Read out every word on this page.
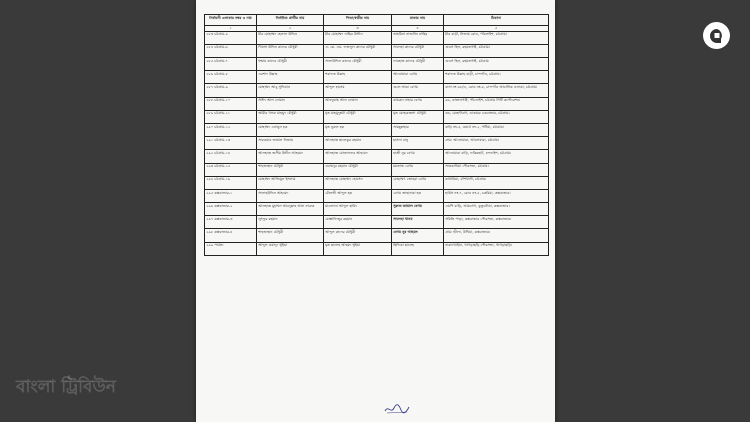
নির্বাচনী এলাকার নম্বর ও নাম	নির্বাচিত প্রার্থীর নাম	পিতা/স্বামীর নাম	মাতার নাম	ঠিকানা
১	২	৩	৪	৫
২৮৩ চট্টগ্রাম-৫	মীর মোহাম্মদ হেলাল উদ্দিন	মীর মোহাম্মদ নাছির উদ্দীন	তাহমিনা নাজনীন নাছির	মীর বাড়ী, নিজাম রোড, পাঁচলাইশ, চট্টগ্রাম।
২৮৪ চট্টগ্রাম-৬	গিয়াস উদ্দিন কাদের চৌধুরী	এ. কে. এম. ফজলুল কাদের চৌধুরী	সালেহা কাদের চৌধুরী	গুডস হিল, রহমতগঞ্জ, চট্টগ্রাম।
২৮৫ চট্টগ্রাম-৭	হুম্মাম কাদের চৌধুরী	সালাউদ্দিন কাদের চৌধুরী	ফারহাত কাদের চৌধুরী	গুডস হিল, রহমতগঞ্জ, চট্টগ্রাম
২৮৬ চট্টগ্রাম-৮	এরশাদ উল্লাহ	শরাফত উল্লাহ	আনোয়ারা বেগম	শরাফত উল্লাহ বাড়ী, চান্দগাঁও, চট্টগ্রাম।
২৮৭ চট্টগ্রাম-৯	মোহাম্মদ আবু সুফিয়ান	আব্দুল হাসেম	গুলে আরা বেগম	বাসা নং ৬৮/এ, রোড নং-৮, চান্দগাঁও আবাসিক এলাকা, চট্টগ্রাম।
২৮৮ চট্টগ্রাম-১০	সাঈদ আল নোমান	আবদুল্লাহ আল নোমান	কামরুন নাহার বেগম	৬৬, কাতালগঞ্জ, পাঁচলাইশ, চট্টগ্রাম সিটি কর্পোরেশন।
২৮৯ চট্টগ্রাম-১১	আমীর খসরু মাহমুদ চৌধুরী	মৃত মাহমুদুন্নবী চৌধুরী	মৃত মেহেরুন্নেসা চৌধুরী	৩৩, মেহেদীবাগ, ডাকঘর: চকবাজার, চট্টগ্রাম।
২৯০ চট্টগ্রাম-১২	মোহাম্মদ এনামুল হক	মৃত নুরুল হক	সামছুন্নাহার	বাড়ি নং-৫, ওয়ার্ড নং-২, পটিয়া, চট্টগ্রাম।
২৯১ চট্টগ্রাম-১৩	সারওয়ার জামাল নিজাম	আলহাজ্ব ছালেকুর রহমান	হাসনা বানু	গ্রাম: আনোয়ারা, আনোয়ারা, চট্টগ্রাম।
২৯২ চট্টগ্রাম-১৪	আলহাজ্ব জসীম উদ্দীন আহমেদ	আলহাজ্ব মোজাফফর আহমেদ	হাজী নুর বেগম	আনোয়ারা বাড়ি, ফকিরহাট, চন্দনাইশ, চট্টগ্রাম।
২৯৩ চট্টগ্রাম-১৫	শাহজাহান চৌধুরী	ওবায়দুর রহমান চৌধুরী	মমতাজ বেগম	সাতকানিয়া পৌরসভা, চট্টগ্রাম।
২৯৪ চট্টগ্রাম-১৬	মোহাম্মদ আজিমুল ইসলাম	আলহাজ্ব মোহাম্মদ হোসেন	মোছাম্মৎ জোহরা বেগম	কাথারিয়া, বাঁশখালী, চট্টগ্রাম।
২৯৫ কক্সবাজার-১	সালাহউদ্দিন আহমেদ	মৌলভী আব্দুল হক	বেগম জাহানারা হক	হাউস নং-৭, রোড নং-৫, চকরিয়া, কক্সবাজার।
২৯৬ কক্সবাজার-২	আলহাজ্ব মুহাম্মদ আবদুল্লাহ আল ফারুক	মাওলানা আব্দুল হামিদ	সুরুজ জামাল বেগম	এমপি বাড়ি, আমবাগা, কুতুবদিয়া, কক্সবাজার।
২৯৭ কক্সবাজার-৩	লুৎফুর রহমান	মোস্তাফিজুর রহমান	সালেহা খানম	সমিতি পাড়া, কক্সবাজার পৌরসভা, কক্সবাজার।
২৯৮ কক্সবাজার-৪	শাহজাহান চৌধুরী	আব্দুল কাদের চৌধুরী	বেগম নুর আহমদ	গ্রাম: হ্নীলা, উখিয়া, কক্সবাজার।
২৯৯ পার্বত্য	আব্দুল ওয়াদুদ ভূঁইয়া	মৃত ছালেহ আহমদ ভূঁইয়া	ছিদ্দিকা ছালেহ	নারানখাইয়া, খাগড়াছড়ি পৌরসভা, খাগড়াছড়ি।
বাংলা ট্রিবিউন
